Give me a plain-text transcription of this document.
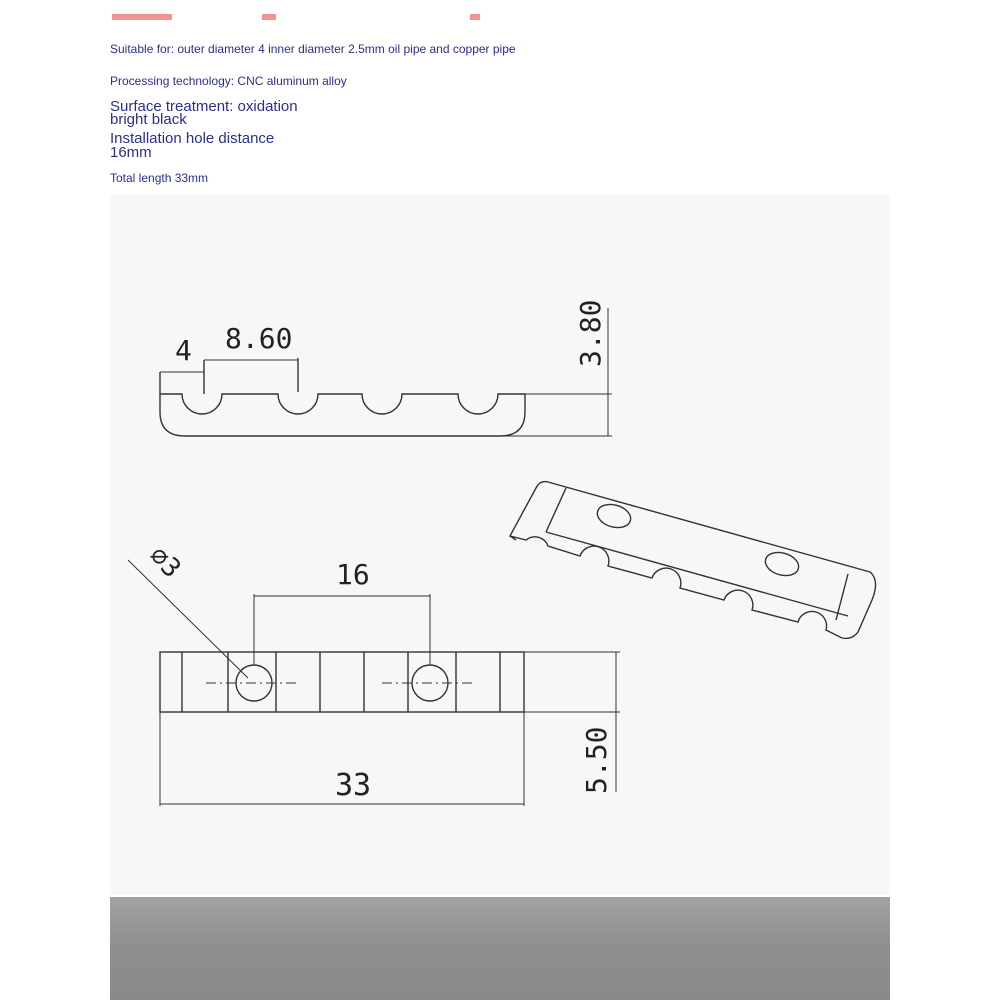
Suitable for: outer diameter 4 inner diameter 2.5mm oil pipe and copper pipe
Processing technology: CNC aluminum alloy
Surface treatment: oxidation
bright black
Installation hole distance
16mm
Total length 33mm
4 8.60	3.80
∅3	16
33	5.50
